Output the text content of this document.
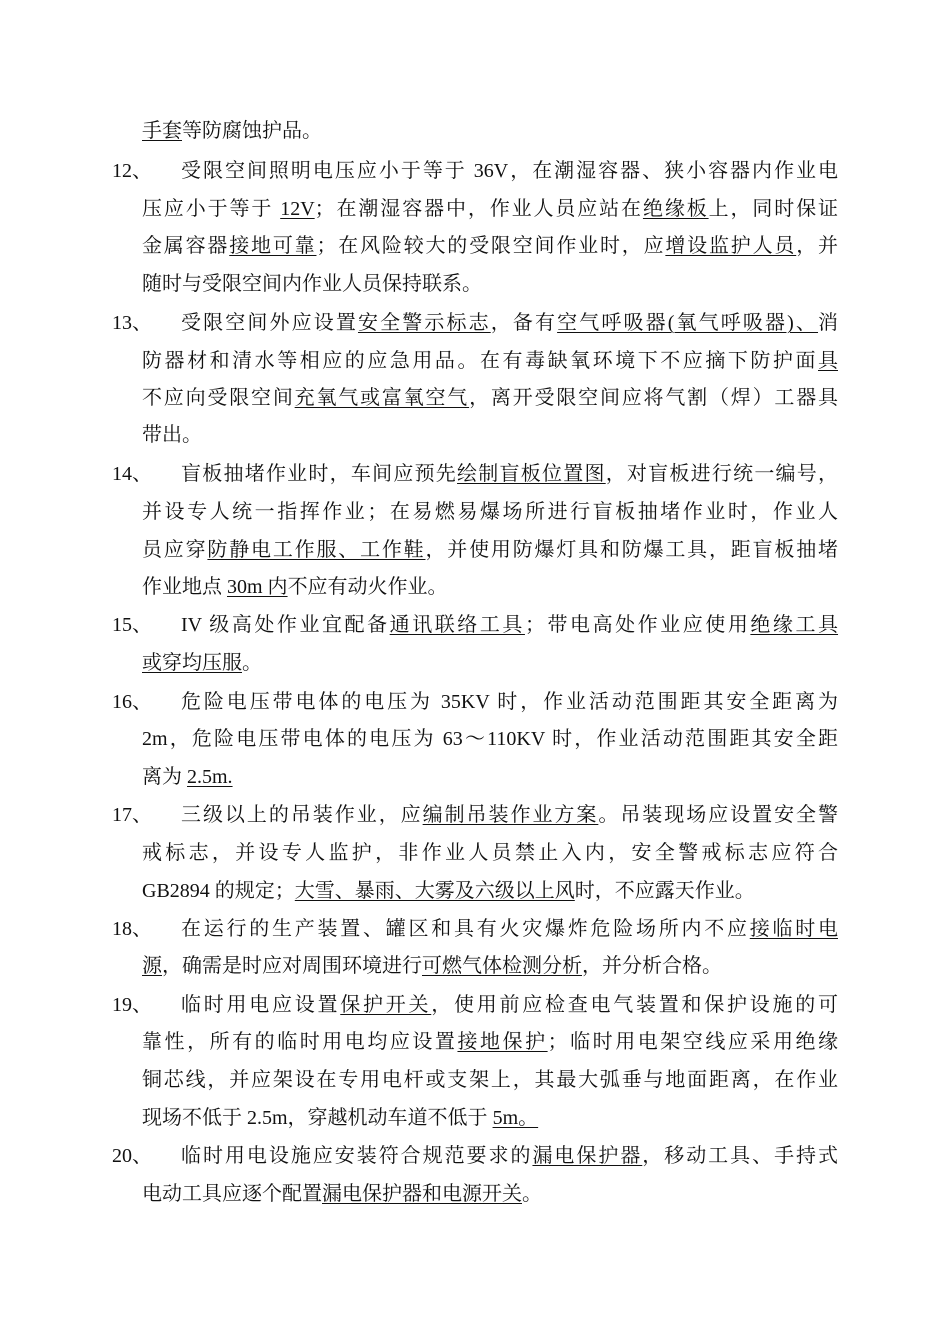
手套等防腐蚀护品。
12、 受限空间照明电压应小于等于 36V，在潮湿容器、狭小容器内作业电
压应小于等于 12V；在潮湿容器中，作业人员应站在绝缘板上，同时保证
金属容器接地可靠；在风险较大的受限空间作业时，应增设监护人员，并
随时与受限空间内作业人员保持联系。
13、 受限空间外应设置安全警示标志，备有空气呼吸器(氧气呼吸器)、消
防器材和清水等相应的应急用品。在有毒缺氧环境下不应摘下防护面具
不应向受限空间充氧气或富氧空气，离开受限空间应将气割（焊）工器具
带出。
14、 盲板抽堵作业时，车间应预先绘制盲板位置图，对盲板进行统一编号，
并设专人统一指挥作业；在易燃易爆场所进行盲板抽堵作业时，作业人
员应穿防静电工作服、工作鞋，并使用防爆灯具和防爆工具，距盲板抽堵
作业地点 30m 内不应有动火作业。
15、 IV 级高处作业宜配备通讯联络工具；带电高处作业应使用绝缘工具
或穿均压服。
16、 危险电压带电体的电压为 35KV 时，作业活动范围距其安全距离为
2m，危险电压带电体的电压为 63～110KV 时，作业活动范围距其安全距
离为 2.5m.
17、 三级以上的吊装作业，应编制吊装作业方案。吊装现场应设置安全警
戒标志，并设专人监护，非作业人员禁止入内，安全警戒标志应符合
GB2894 的规定；大雪、暴雨、大雾及六级以上风时，不应露天作业。
18、 在运行的生产装置、罐区和具有火灾爆炸危险场所内不应接临时电
源，确需是时应对周围环境进行可燃气体检测分析，并分析合格。
19、 临时用电应设置保护开关，使用前应检查电气装置和保护设施的可
靠性，所有的临时用电均应设置接地保护；临时用电架空线应采用绝缘
铜芯线，并应架设在专用电杆或支架上，其最大弧垂与地面距离，在作业
现场不低于 2.5m，穿越机动车道不低于 5m。
20、 临时用电设施应安装符合规范要求的漏电保护器，移动工具、手持式
电动工具应逐个配置漏电保护器和电源开关。
